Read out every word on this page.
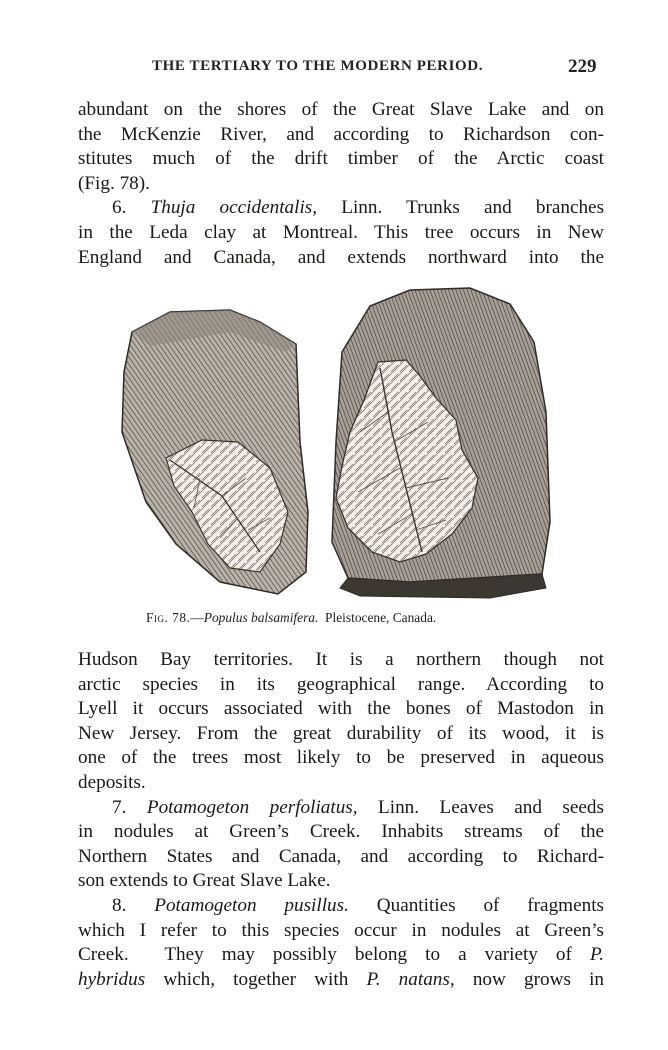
THE TERTIARY TO THE MODERN PERIOD.	229
abundant on the shores of the Great Slave Lake and on
the McKenzie River, and according to Richardson con-
stitutes much of the drift timber of the Arctic coast
(Fig. 78).
6. Thuja occidentalis, Linn. Trunks and branches
in the Leda clay at Montreal. This tree occurs in New
England and Canada, and extends northward into the
Fig. 78.—Populus balsamifera.  Pleistocene, Canada.
Hudson Bay territories. It is a northern though not
arctic species in its geographical range. According to
Lyell it occurs associated with the bones of Mastodon in
New Jersey. From the great durability of its wood, it is
one of the trees most likely to be preserved in aqueous
deposits.
7. Potamogeton perfoliatus, Linn. Leaves and seeds
in nodules at Green’s Creek. Inhabits streams of the
Northern States and Canada, and according to Richard-
son extends to Great Slave Lake.
8. Potamogeton pusillus. Quantities of fragments
which I refer to this species occur in nodules at Green’s
Creek.  They may possibly belong to a variety of P.
hybridus which, together with P. natans, now grows in
